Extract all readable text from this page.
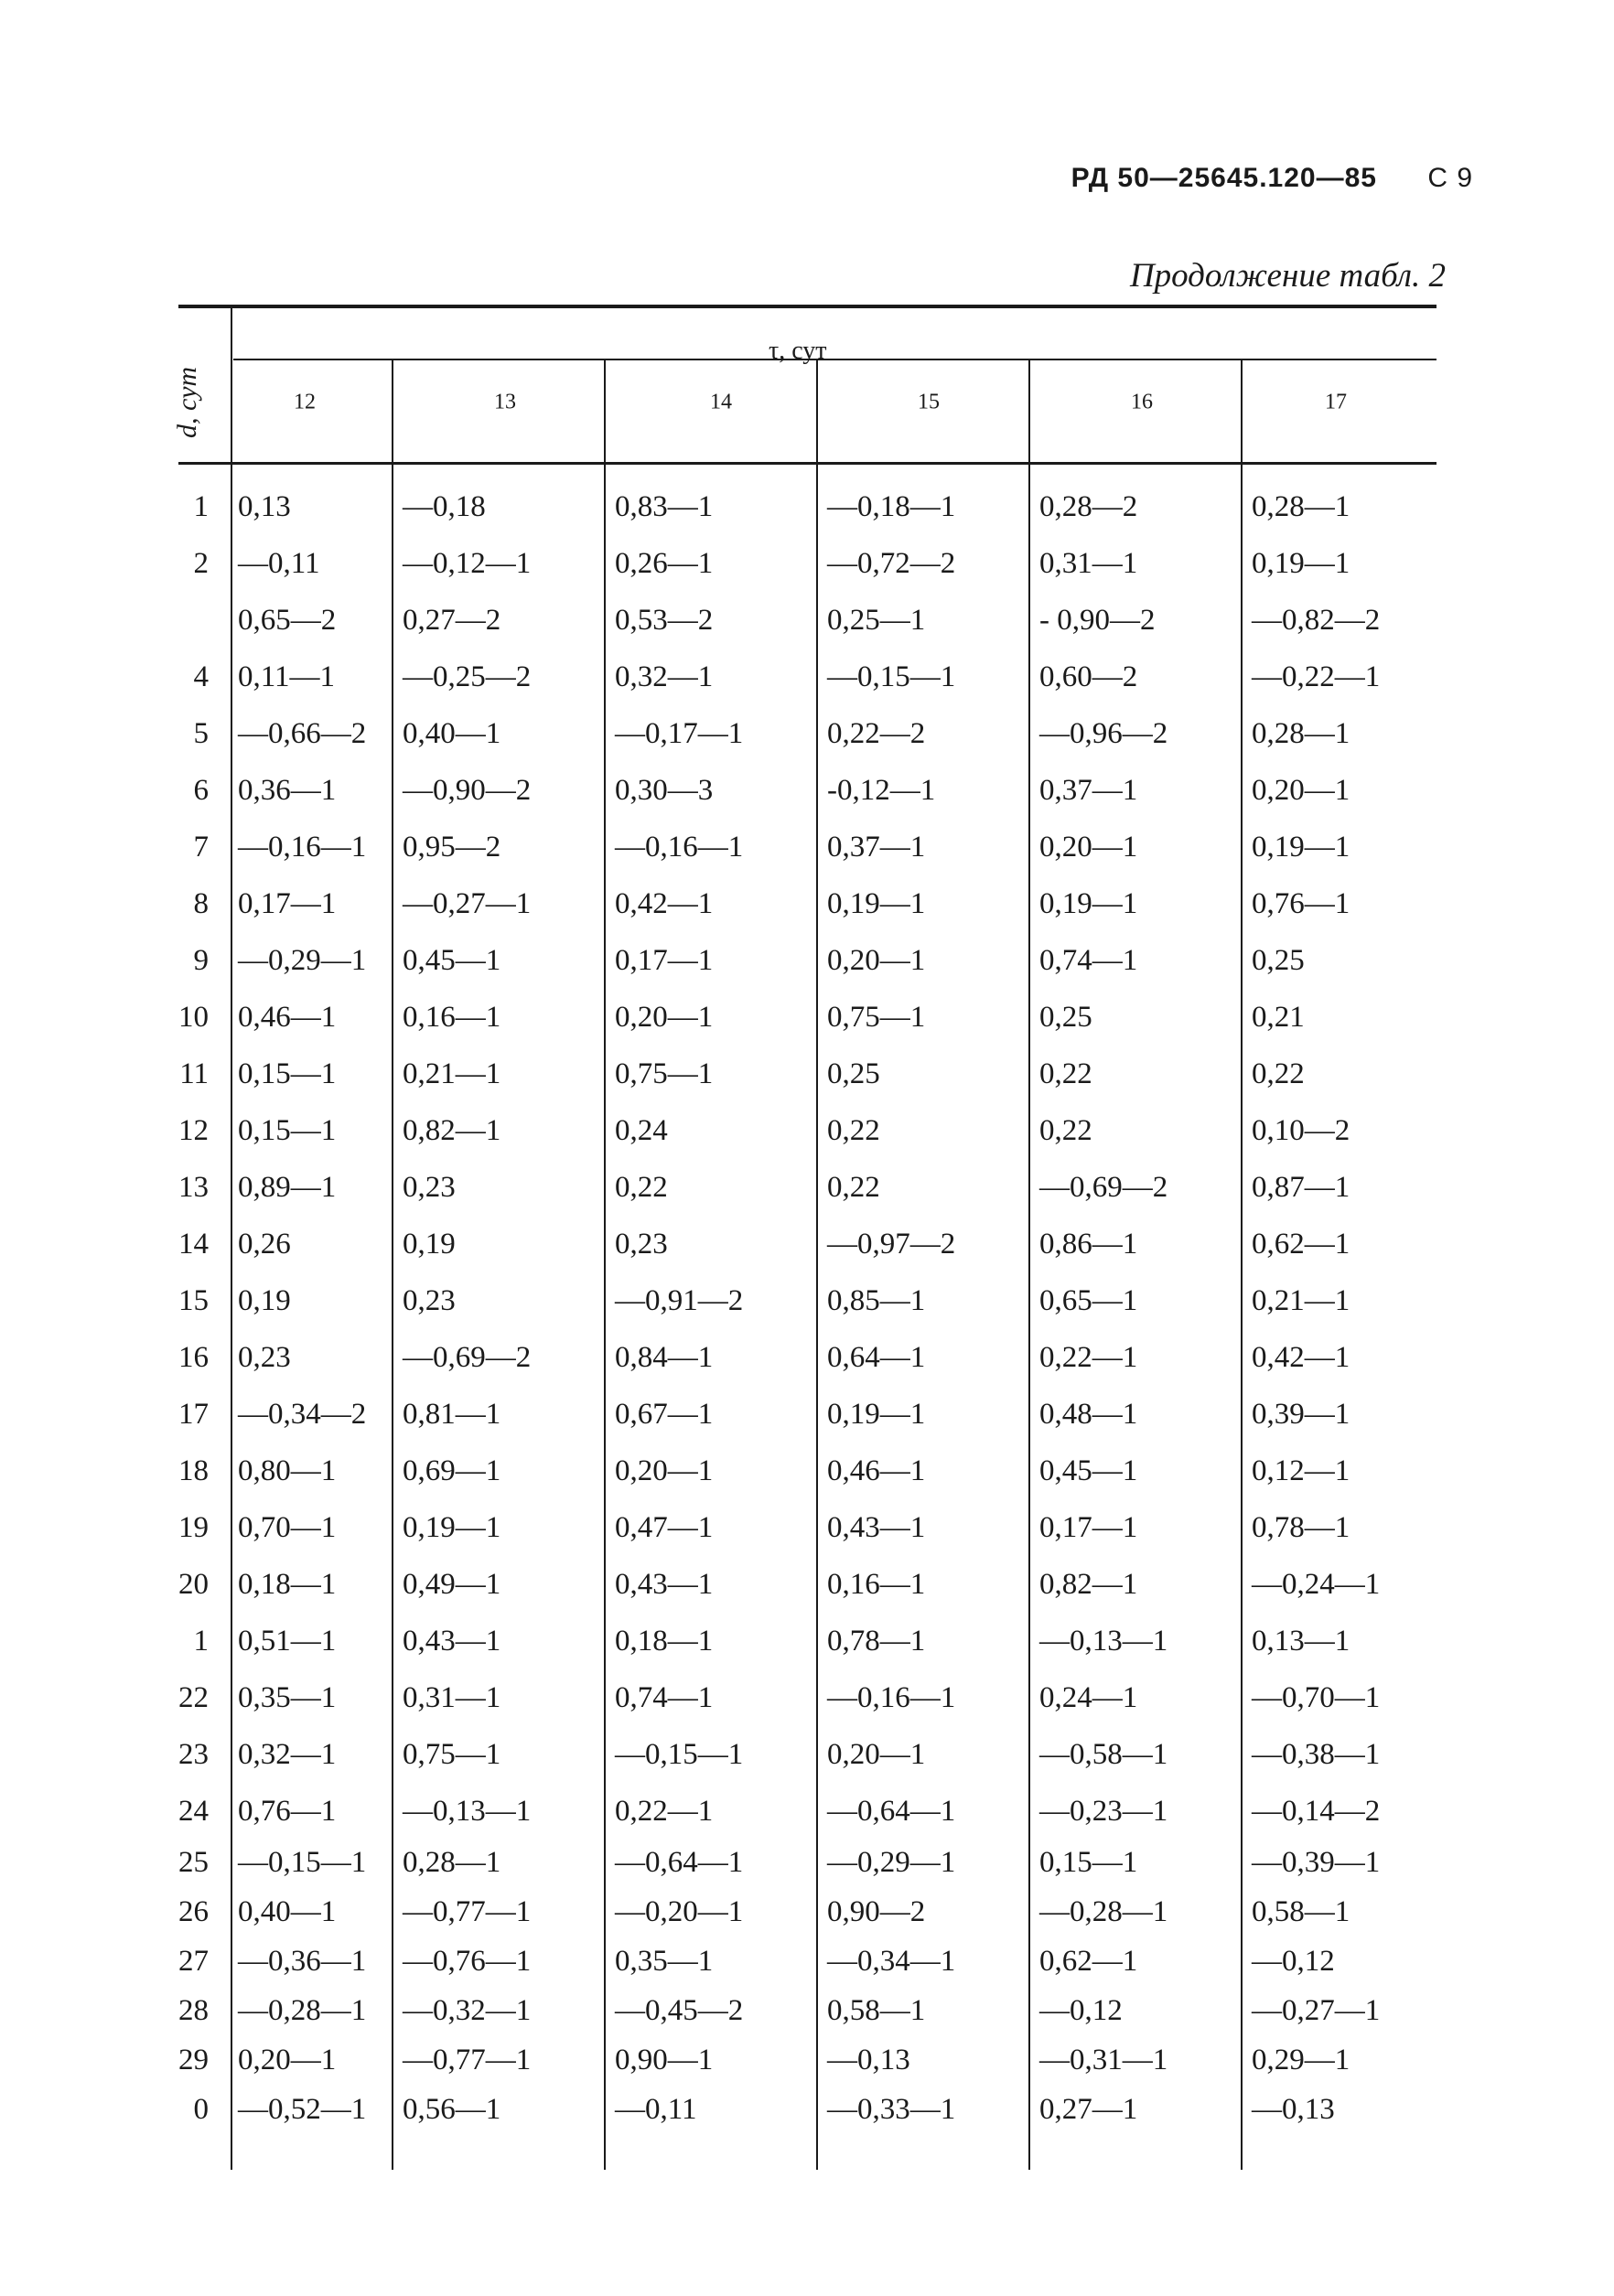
РД 50—25645.120—85 С 9
Продолжение табл. 2
d, сут
τ, сут
12	13	14	15	16	17
1 0,13	—0,18	0,83—1	—0,18—1	0,28—2	0,28—1
2 —0,11	—0,12—1	0,26—1	—0,72—2	0,31—1	0,19—1
0,65—2 0,27—2	0,53—2	0,25—1	- 0,90—2	—0,82—2
4 0,11—1 —0,25—2	0,32—1	—0,15—1	0,60—2	—0,22—1
5 —0,66—2 0,40—1	—0,17—1	0,22—2	—0,96—2	0,28—1
6 0,36—1 —0,90—2	0,30—3	-0,12—1	0,37—1	0,20—1
7 —0,16—1 0,95—2	—0,16—1	0,37—1	0,20—1	0,19—1
8 0,17—1 —0,27—1	0,42—1	0,19—1	0,19—1	0,76—1
9 —0,29—1 0,45—1	0,17—1	0,20—1	0,74—1	0,25
10 0,46—1 0,16—1	0,20—1	0,75—1	0,25	0,21
11 0,15—1 0,21—1	0,75—1	0,25	0,22	0,22
12 0,15—1 0,82—1	0,24	0,22	0,22	0,10—2
13 0,89—1 0,23	0,22	0,22	—0,69—2	0,87—1
14 0,26	0,19	0,23	—0,97—2	0,86—1	0,62—1
15 0,19	0,23	—0,91—2	0,85—1	0,65—1	0,21—1
16 0,23	—0,69—2	0,84—1	0,64—1	0,22—1	0,42—1
17 —0,34—2 0,81—1	0,67—1	0,19—1	0,48—1	0,39—1
18 0,80—1 0,69—1	0,20—1	0,46—1	0,45—1	0,12—1
19 0,70—1 0,19—1	0,47—1	0,43—1	0,17—1	0,78—1
20 0,18—1 0,49—1	0,43—1	0,16—1	0,82—1	—0,24—1
1 0,51—1 0,43—1	0,18—1	0,78—1	—0,13—1	0,13—1
22 0,35—1 0,31—1	0,74—1	—0,16—1	0,24—1	—0,70—1
23 0,32—1 0,75—1	—0,15—1	0,20—1	—0,58—1	—0,38—1
24 0,76—1 —0,13—1	0,22—1	—0,64—1	—0,23—1	—0,14—2
25 —0,15—1 0,28—1	—0,64—1	—0,29—1	0,15—1	—0,39—1
26 0,40—1 —0,77—1	—0,20—1	0,90—2	—0,28—1	0,58—1
27 —0,36—1 —0,76—1	0,35—1	—0,34—1	0,62—1	—0,12
28 —0,28—1 —0,32—1	—0,45—2	0,58—1	—0,12	—0,27—1
29 0,20—1 —0,77—1	0,90—1	—0,13	—0,31—1	0,29—1
0 —0,52—1 0,56—1	—0,11	—0,33—1	0,27—1	—0,13
